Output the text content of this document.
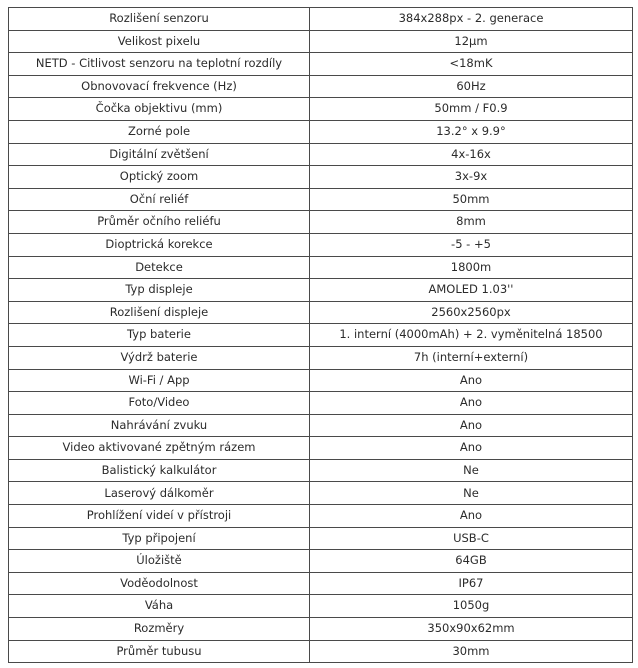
Rozlišení senzoru	384x288px - 2. generace
Velikost pixelu	12μm
NETD - Citlivost senzoru na teplotní rozdíly	<18mK
Obnovovací frekvence (Hz)	60Hz
Čočka objektivu (mm)	50mm / F0.9
Zorné pole	13.2° x 9.9°
Digitální zvětšení	4x-16x
Optický zoom	3x-9x
Oční reliéf	50mm
Průměr očního reliéfu	8mm
Dioptrická korekce	-5 - +5
Detekce	1800m
Typ displeje	AMOLED 1.03''
Rozlišení displeje	2560x2560px
Typ baterie	1. interní (4000mAh) + 2. vyměnitelná 18500
Výdrž baterie	7h (interní+externí)
Wi-Fi / App	Ano
Foto/Video	Ano
Nahrávání zvuku	Ano
Video aktivované zpětným rázem	Ano
Balistický kalkulátor	Ne
Laserový dálkoměr	Ne
Prohlížení videí v přístroji	Ano
Typ připojení	USB-C
Úložiště	64GB
Voděodolnost	IP67
Váha	1050g
Rozměry	350x90x62mm
Průměr tubusu	30mm
